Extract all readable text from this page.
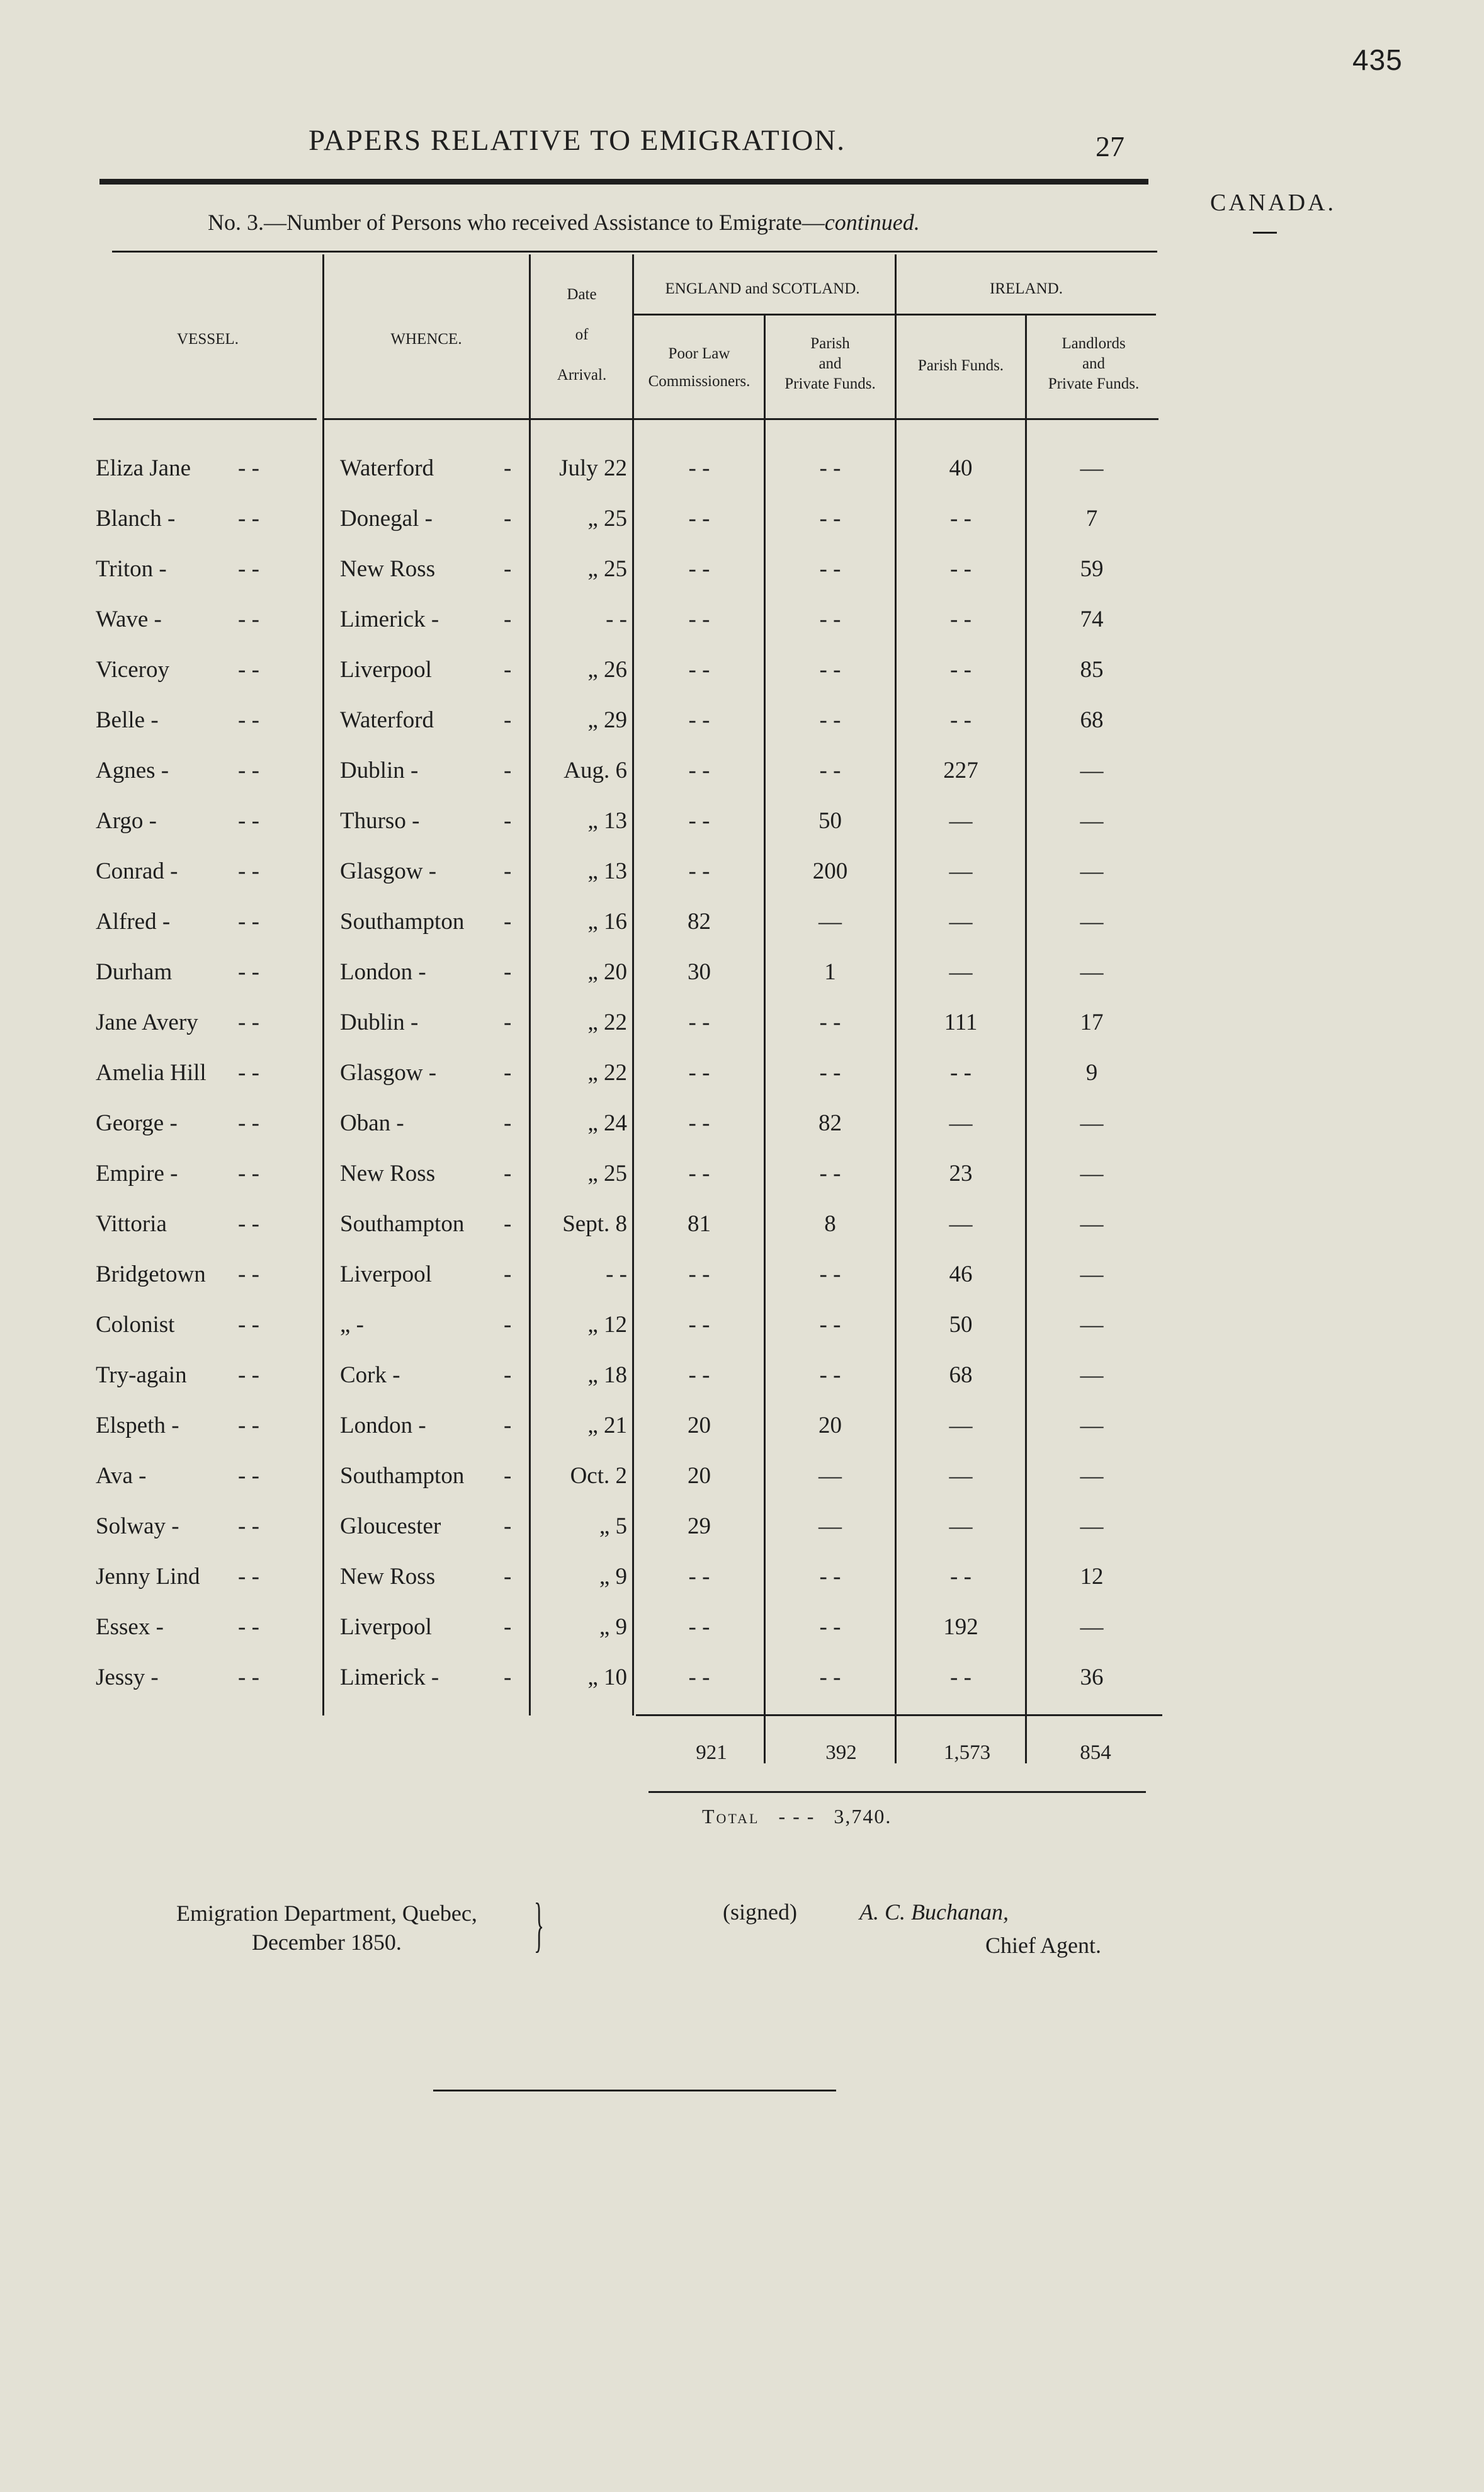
435
PAPERS RELATIVE TO EMIGRATION.	27
CANADA.
No. 3.—Number of Persons who received Assistance to Emigrate—continued.
VESSEL.	WHENCE.
Date
of
Arrival.
ENGLAND and SCOTLAND.	IRELAND.
Poor Law
Commissioners.
Parish
and
Private Funds.
Parish Funds.
Landlords
and
Private Funds.
Eliza Jane - -	Waterford	-	July 22	- -	- -	40	—
Blanch -	- -	Donegal -	-	„ 25	- -	- -	- -	7
Triton -	- -	New Ross	-	„ 25	- -	- -	- -	59
Wave -	- -	Limerick -	-	- -	- -	- -	- -	74
Viceroy	- -	Liverpool	-	„ 26	- -	- -	- -	85
Belle -	- -	Waterford	-	„ 29	- -	- -	- -	68
Agnes -	- -	Dublin -	-	Aug. 6	- -	- -	227	—
Argo -	- -	Thurso -	-	„ 13	- -	50	—	—
Conrad -	- -	Glasgow -	-	„ 13	- -	200	—	—
Alfred -	- -	Southampton -	„ 16	82	—	—	—
Durham	- -	London -	-	„ 20	30	1	—	—
Jane Avery - -	Dublin -	-	„ 22	- -	- -	111	17
Amelia Hill - -	Glasgow -	-	„ 22	- -	- -	- -	9
George -	- -	Oban -	-	„ 24	- -	82	—	—
Empire -	- -	New Ross	-	„ 25	- -	- -	23	—
Vittoria	- -	Southampton -	Sept. 8	81	8	—	—
Bridgetown - -	Liverpool	-	- -	- -	- -	46	—
Colonist	- -	„ -	-	„ 12	- -	- -	50	—
Try-again - -	Cork -	-	„ 18	- -	- -	68	—
Elspeth -	- -	London -	-	„ 21	20	20	—	—
Ava -	- -	Southampton -	Oct. 2	20	—	—	—
Solway -	- -	Gloucester	-	„ 5	29	—	—	—
Jenny Lind - -	New Ross	-	„ 9	- -	- -	- -	12
Essex -	- -	Liverpool	-	„ 9	- -	- -	192	—
Jessy -	- -	Limerick -	-	„ 10	- -	- -	- -	36
921	392	1,573	854
Total - - - 3,740.
Emigration Department, Quebec,
December 1850.	}	(signed)	A. C. Buchanan,
Chief Agent.
